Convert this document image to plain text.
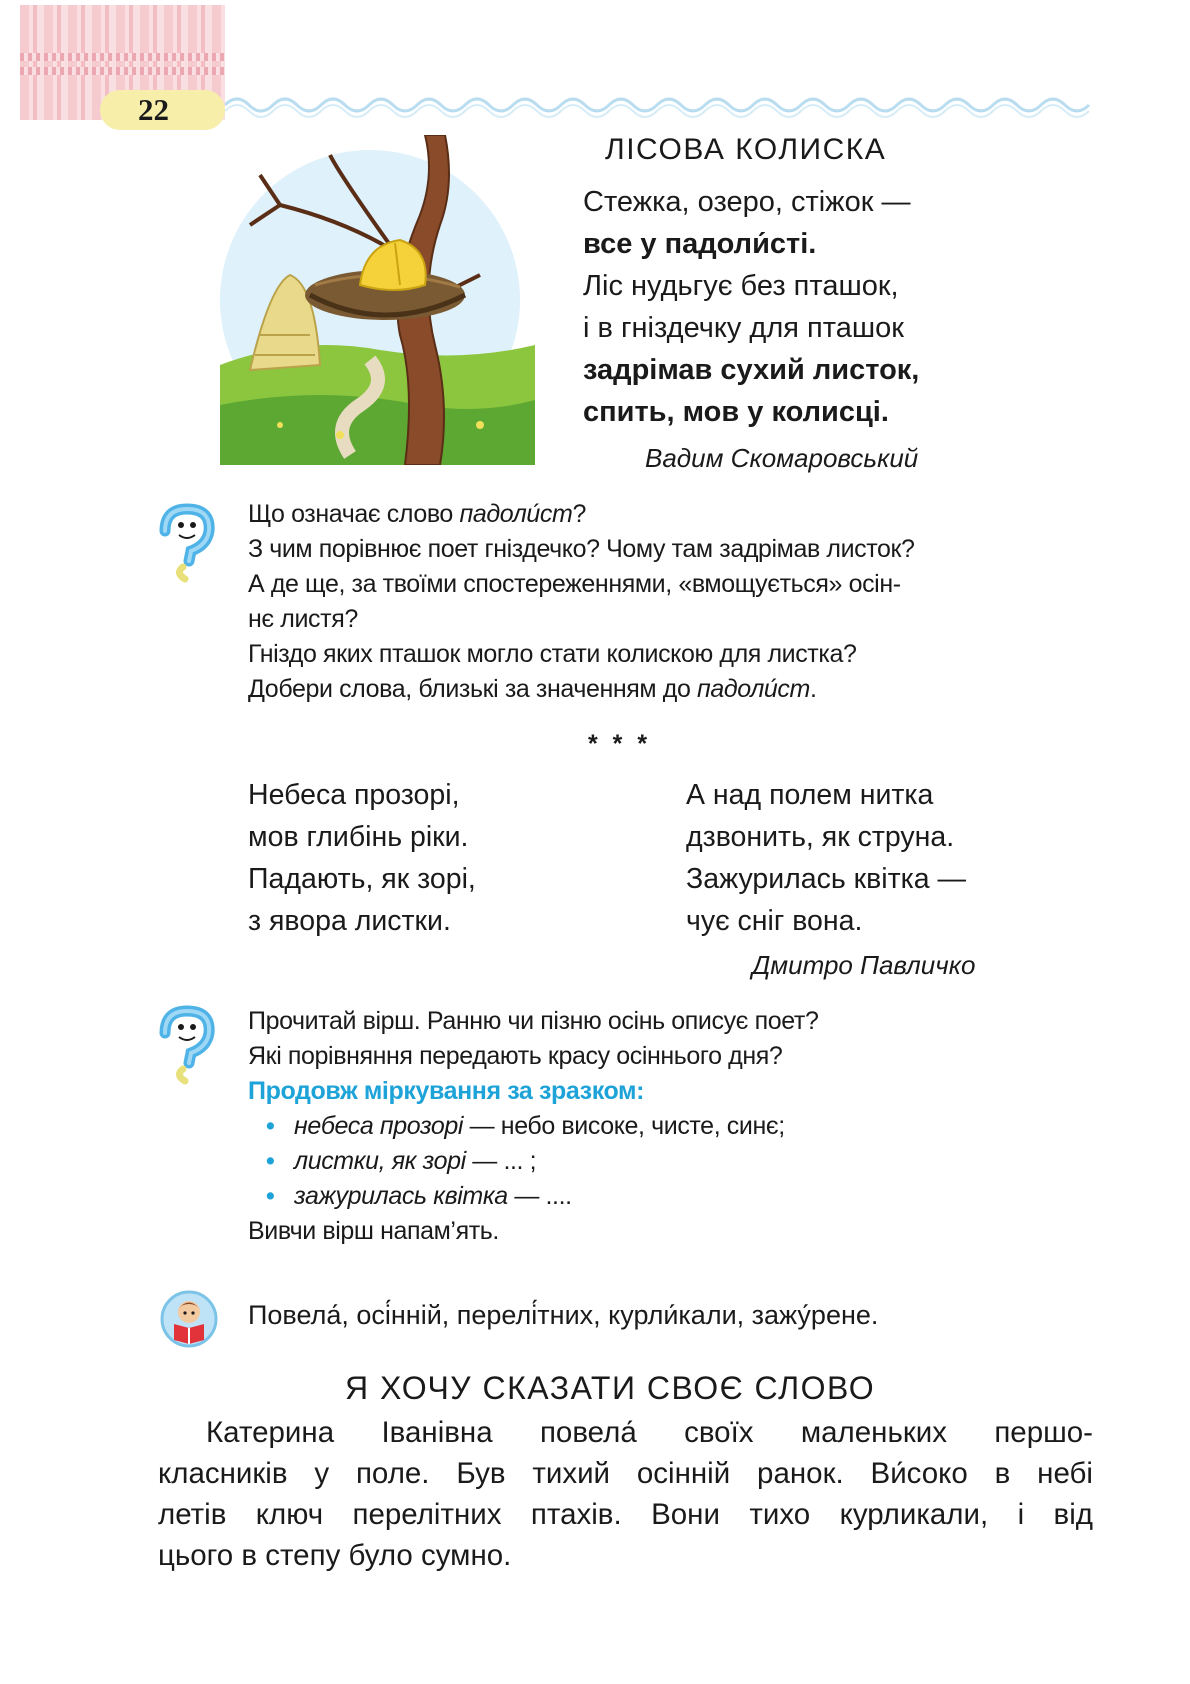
22
ЛІСОВА КОЛИСКА
Стежка, озеро, стіжок —
все у падоли́сті.
Ліс нудьгує без пташок,
і в гніздечку для пташок
задрімав сухий листок,
спить, мов у колисці.
Вадим Скомаровський
Що означає слово падоли́ст?
З чим порівнює поет гніздечко? Чому там задрімав листок?
А де ще, за твоїми спостереженнями, «вмощується» осін-
нє листя?
Гніздо яких пташок могло стати колискою для листка?
Добери слова, близькі за значенням до падоли́ст.
* * *
Небеса прозорі,
мов глибінь ріки.
Падають, як зорі,
з явора листки.
А над полем нитка
дзвонить, як струна.
Зажурилась квітка —
чує сніг вона.
Дмитро Павличко
Прочитай вірш. Ранню чи пізню осінь описує поет?
Які порівняння передають красу осіннього дня?
Продовж міркування за зразком:
• небеса прозорі — небо високе, чисте, синє;
• листки, як зорі — ... ;
• зажурилась квітка — ....
Вивчи вірш напам’ять.
Повела́, осі́нній, перелі́тних, курли́кали, зажу́рене.
Я ХОЧУ СКАЗАТИ СВОЄ СЛОВО
Катерина Іванівна повела́ своїх маленьких першо-
класників у поле. Був тихий осінній ранок. Ви́соко в небі
летів ключ перелітних птахів. Вони тихо курликали, і від
цього в степу було сумно.
